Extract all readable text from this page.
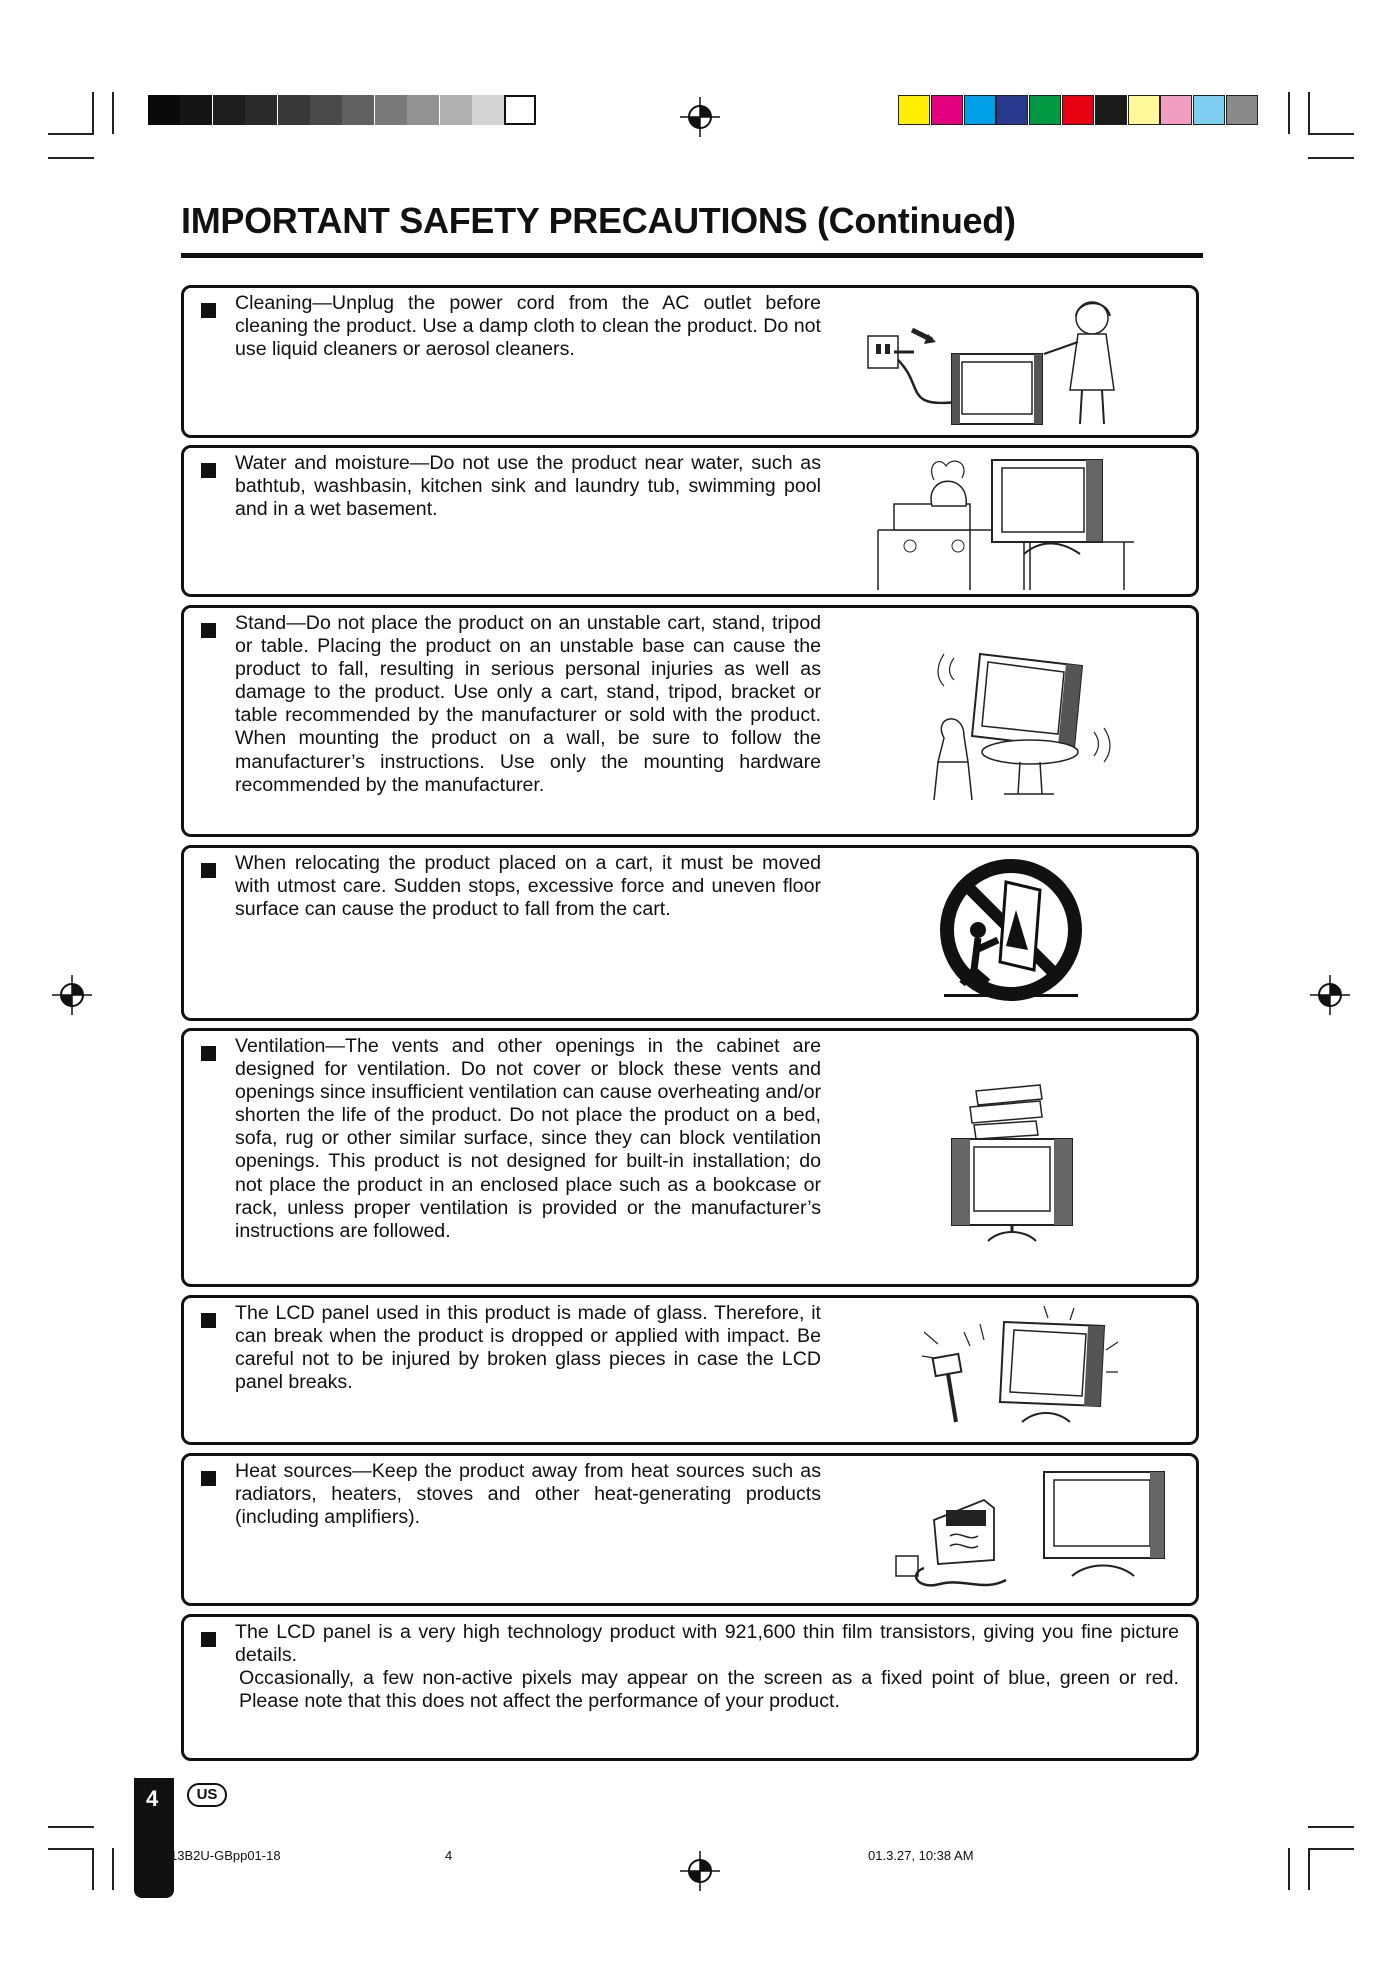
IMPORTANT SAFETY PRECAUTIONS (Continued)
Cleaning—Unplug the power cord from the AC outlet before cleaning the product. Use a damp cloth to clean the product. Do not use liquid cleaners or aerosol cleaners.
Water and moisture—Do not use the product near water, such as bathtub, washbasin, kitchen sink and laundry tub, swimming pool and in a wet basement.
Stand—Do not place the product on an unstable cart, stand, tripod or table. Placing the product on an unstable base can cause the product to fall, resulting in serious personal injuries as well as damage to the product. Use only a cart, stand, tripod, bracket or table recommended by the manufacturer or sold with the product. When mounting the product on a wall, be sure to follow the manufacturer’s instructions. Use only the mounting hardware recommended by the manufacturer.
When relocating the product placed on a cart, it must be moved with utmost care. Sudden stops, excessive force and uneven floor surface can cause the product to fall from the cart.
Ventilation—The vents and other openings in the cabinet are designed for ventilation. Do not cover or block these vents and openings since insufficient ventilation can cause overheating and/or shorten the life of the product. Do not place the product on a bed, sofa, rug or other similar surface, since they can block ventilation openings. This product is not designed for built-in installation; do not place the product in an enclosed place such as a bookcase or rack, unless proper ventilation is provided or the manufacturer’s instructions are followed.
The LCD panel used in this product is made of glass. Therefore, it can break when the product is dropped or applied with impact. Be careful not to be injured by broken glass pieces in case the LCD panel breaks.
Heat sources—Keep the product away from heat sources such as radiators, heaters, stoves and other heat-generating products (including amplifiers).
The LCD panel is a very high technology product with 921,600 thin film transistors, giving you fine picture details.
Occasionally, a few non-active pixels may appear on the screen as a fixed point of blue, green or red. Please note that this does not affect the performance of your product.
4	US
13B2U-GBpp01-18	4	01.3.27, 10:38 AM
